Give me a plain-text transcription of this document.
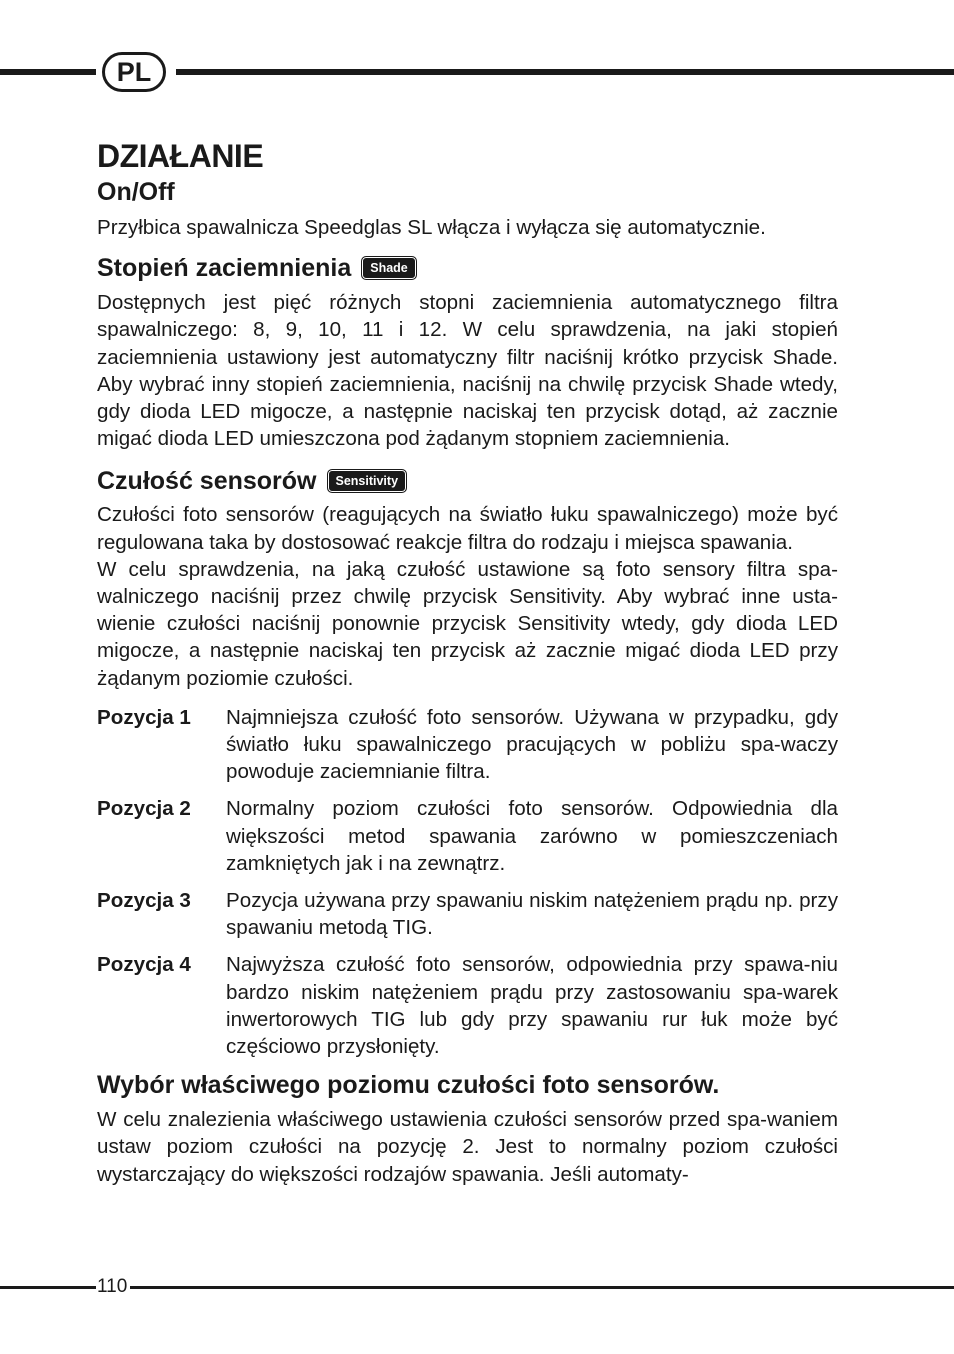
PL
DZIAŁANIE
On/Off

Przyłbica spawalnicza Speedglas SL włącza i wyłącza się automatycznie.

Stopień zaciemnienia	Shade

Dostępnych jest pięć różnych stopni zaciemnienia automatycznego filtra spawalniczego: 8, 9, 10, 11 i 12. W celu sprawdzenia, na jaki stopień zaciemnienia ustawiony jest automatyczny filtr naciśnij krótko przycisk Shade. Aby wybrać inny stopień zaciemnienia, naciśnij na chwilę przycisk Shade wtedy, gdy dioda LED migocze, a następnie naciskaj ten przycisk dotąd, aż zacznie migać dioda LED umieszczona pod żądanym stopniem zaciemnienia.

Czułość sensorów	Sensitivity

Czułości foto sensorów (reagujących na światło łuku spawalniczego) może być regulowana taka by dostosować reakcje filtra do rodzaju i miejsca spawania.

W celu sprawdzenia, na jaką czułość ustawione są foto sensory filtra spa-walniczego naciśnij przez chwilę przycisk Sensitivity. Aby wybrać inne usta-wienie czułości naciśnij ponownie przycisk Sensitivity wtedy, gdy dioda LED migocze, a następnie naciskaj ten przycisk aż zacznie migać dioda LED przy żądanym poziomie czułości.

Pozycja 1	Najmniejsza czułość foto sensorów. Używana w przypadku, gdy światło łuku spawalniczego pracujących w pobliżu spa-waczy powoduje zaciemnianie filtra.

Pozycja 2	Normalny poziom czułości foto sensorów. Odpowiednia dla większości metod spawania zarówno w pomieszczeniach zamkniętych jak i na zewnątrz.

Pozycja 3	Pozycja używana przy spawaniu niskim natężeniem prądu np. przy spawaniu metodą TIG.

Pozycja 4	Najwyższa czułość foto sensorów, odpowiednia przy spawa-niu bardzo niskim natężeniem prądu przy zastosowaniu spa-warek inwertorowych TIG lub gdy przy spawaniu rur łuk może być częściowo przysłonięty.

Wybór właściwego poziomu czułości foto sensorów.

W celu znalezienia właściwego ustawienia czułości sensorów przed spa-waniem ustaw poziom czułości na pozycję 2. Jest to normalny poziom czułości wystarczający do większości rodzajów spawania. Jeśli automaty-

110
